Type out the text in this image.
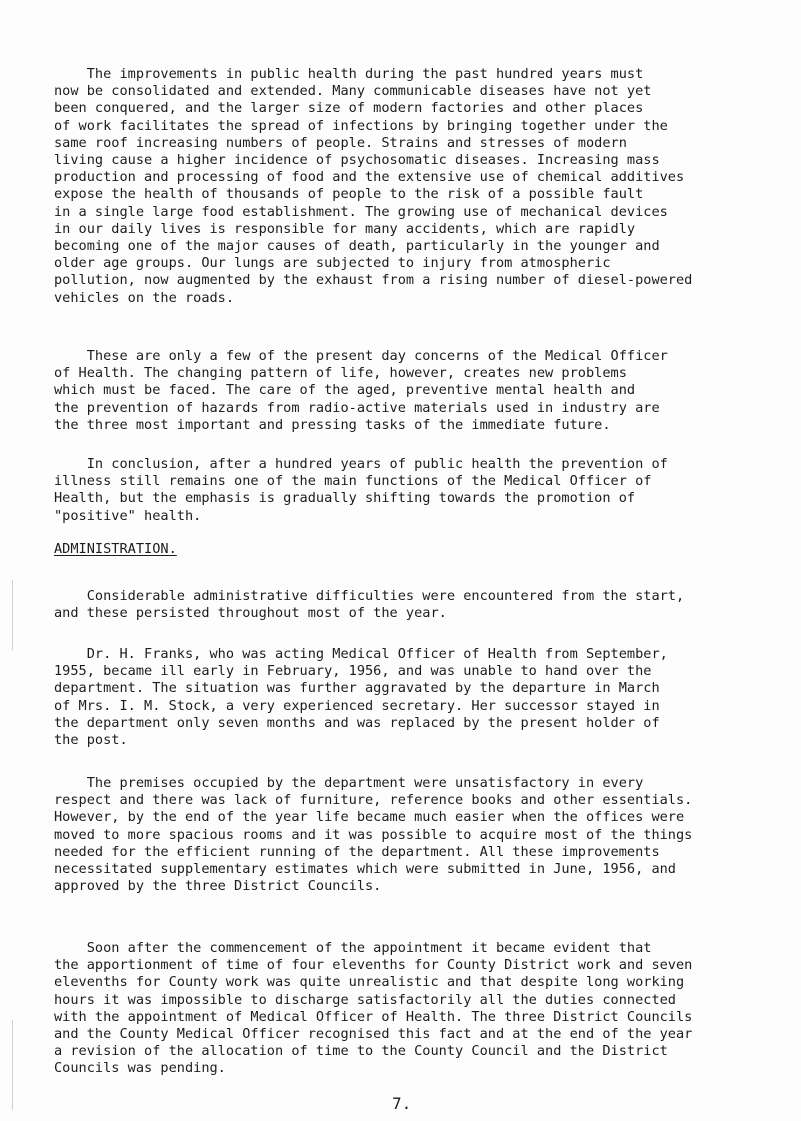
The improvements in public health during the past hundred years must
now be consolidated and extended. Many communicable diseases have not yet
been conquered, and the larger size of modern factories and other places
of work facilitates the spread of infections by bringing together under the
same roof increasing numbers of people. Strains and stresses of modern
living cause a higher incidence of psychosomatic diseases. Increasing mass
production and processing of food and the extensive use of chemical additives
expose the health of thousands of people to the risk of a possible fault
in a single large food establishment. The growing use of mechanical devices
in our daily lives is responsible for many accidents, which are rapidly
becoming one of the major causes of death, particularly in the younger and
older age groups. Our lungs are subjected to injury from atmospheric
pollution, now augmented by the exhaust from a rising number of diesel-powered
vehicles on the roads.
These are only a few of the present day concerns of the Medical Officer
of Health. The changing pattern of life, however, creates new problems
which must be faced. The care of the aged, preventive mental health and
the prevention of hazards from radio-active materials used in industry are
the three most important and pressing tasks of the immediate future.
In conclusion, after a hundred years of public health the prevention of
illness still remains one of the main functions of the Medical Officer of
Health, but the emphasis is gradually shifting towards the promotion of
"positive" health.
ADMINISTRATION.
Considerable administrative difficulties were encountered from the start,
and these persisted throughout most of the year.
Dr. H. Franks, who was acting Medical Officer of Health from September,
1955, became ill early in February, 1956, and was unable to hand over the
department. The situation was further aggravated by the departure in March
of Mrs. I. M. Stock, a very experienced secretary. Her successor stayed in
the department only seven months and was replaced by the present holder of
the post.
The premises occupied by the department were unsatisfactory in every
respect and there was lack of furniture, reference books and other essentials.
However, by the end of the year life became much easier when the offices were
moved to more spacious rooms and it was possible to acquire most of the things
needed for the efficient running of the department. All these improvements
necessitated supplementary estimates which were submitted in June, 1956, and
approved by the three District Councils.
Soon after the commencement of the appointment it became evident that
the apportionment of time of four elevenths for County District work and seven
elevenths for County work was quite unrealistic and that despite long working
hours it was impossible to discharge satisfactorily all the duties connected
with the appointment of Medical Officer of Health. The three District Councils
and the County Medical Officer recognised this fact and at the end of the year
a revision of the allocation of time to the County Council and the District
Councils was pending.
7.
